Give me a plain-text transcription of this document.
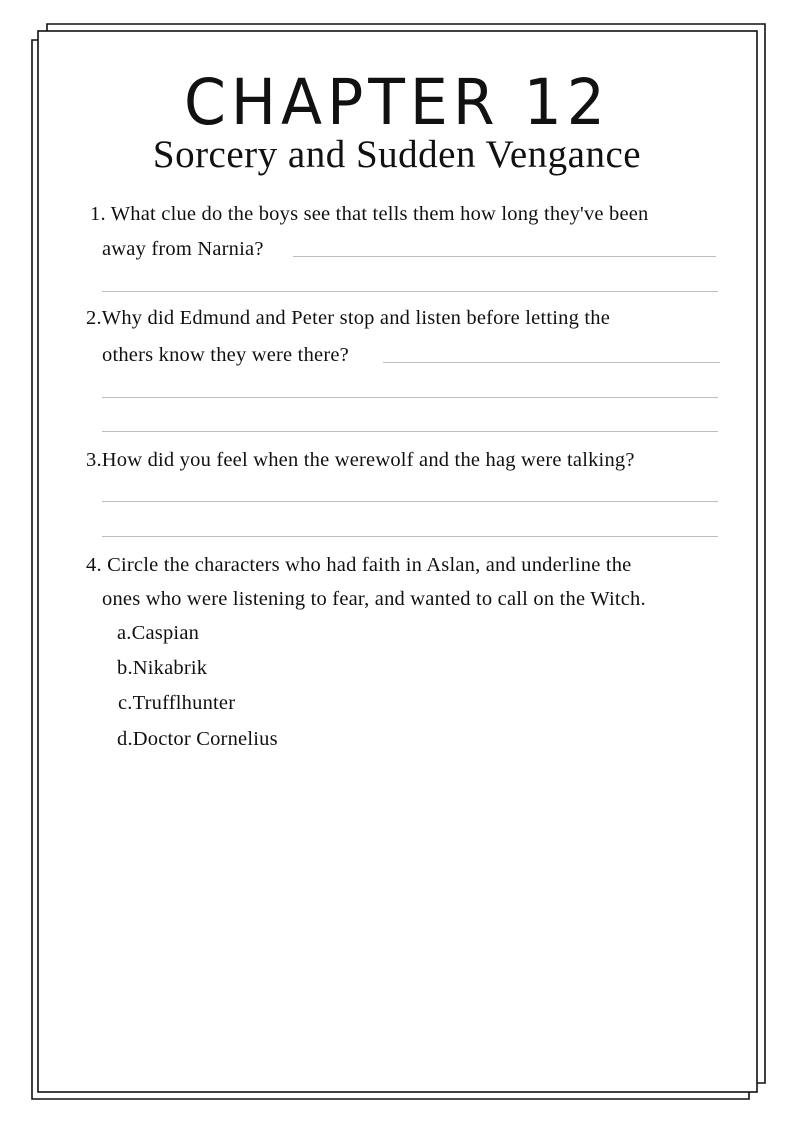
CHAPTER 12
Sorcery and Sudden Vengance
1. What clue do the boys see that tells them how long they've been
away from Narnia?
2.Why did Edmund and Peter stop and listen before letting the
others know they were there?
3.How did you feel when the werewolf and the hag were talking?
4. Circle the characters who had faith in Aslan, and underline the
ones who were listening to fear, and wanted to call on the Witch.
a.Caspian
b.Nikabrik
c.Trufflhunter
d.Doctor Cornelius
